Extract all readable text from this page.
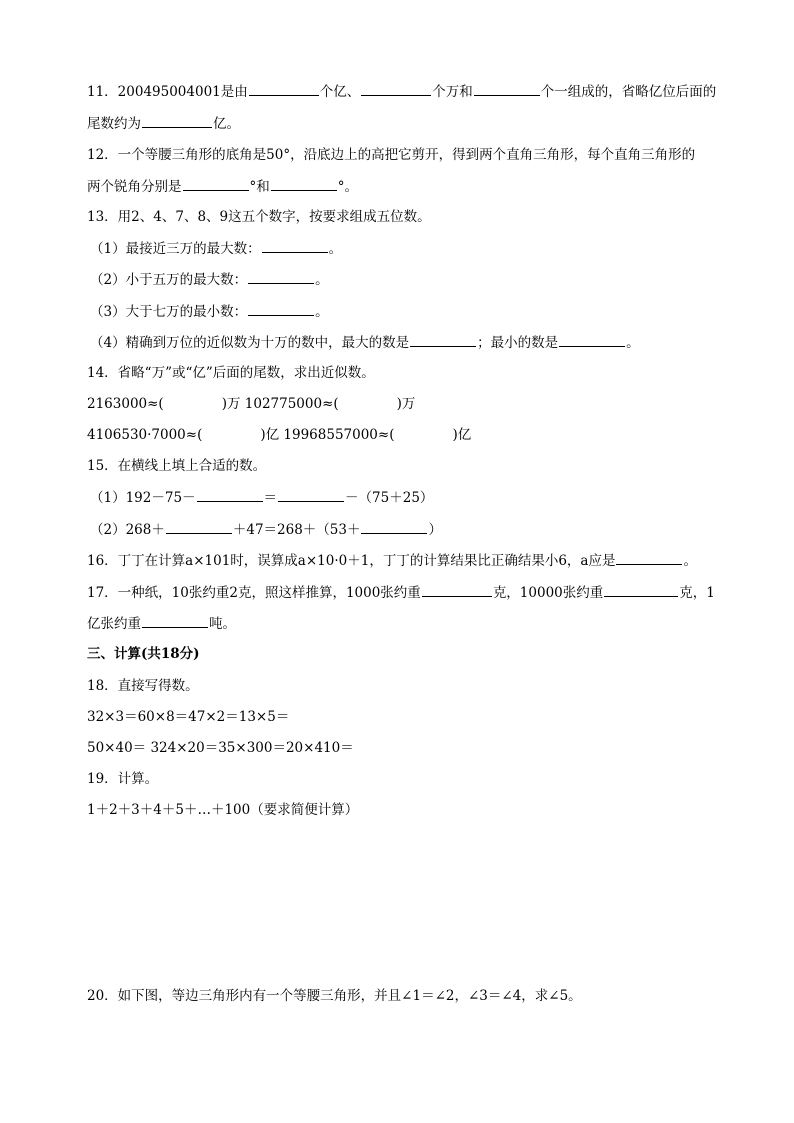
11．200495004001是由	个亿、	个万和	个一组成的，省略亿位后面的
尾数约为	亿。
12．一个等腰三角形的底角是50°，沿底边上的高把它剪开，得到两个直角三角形，每个直角三角形的
两个锐角分别是	°和	°。
13．用2、4、7、8、9这五个数字，按要求组成五位数。
（1）最接近三万的最大数：	。
（2）小于五万的最大数：	。
（3）大于七万的最小数：	。
（4）精确到万位的近似数为十万的数中，最大的数是	；最小的数是	。
14．省略“万”或“亿”后面的尾数，求出近似数。
2163000≈(	)万 102775000≈(	)万
4106530·7000≈(	)亿 19968557000≈(	)亿
15．在横线上填上合适的数。
（1）192－75－	＝	－（75＋25）
（2）268＋	＋47＝268＋（53＋	）
16．丁丁在计算a×101时，误算成a×10·0＋1，丁丁的计算结果比正确结果小6，a应是	。
17．一种纸，10张约重2克，照这样推算，1000张约重	克，10000张约重	克，1
亿张约重	吨。
三、计算(共18分)
18．直接写得数。
32×3＝60×8＝47×2＝13×5＝
50×40＝ 324×20＝35×300＝20×410＝
19．计算。
1＋2＋3＋4＋5＋…＋100（要求简便计算）
20．如下图，等边三角形内有一个等腰三角形，并且∠1＝∠2，∠3＝∠4，求∠5。
